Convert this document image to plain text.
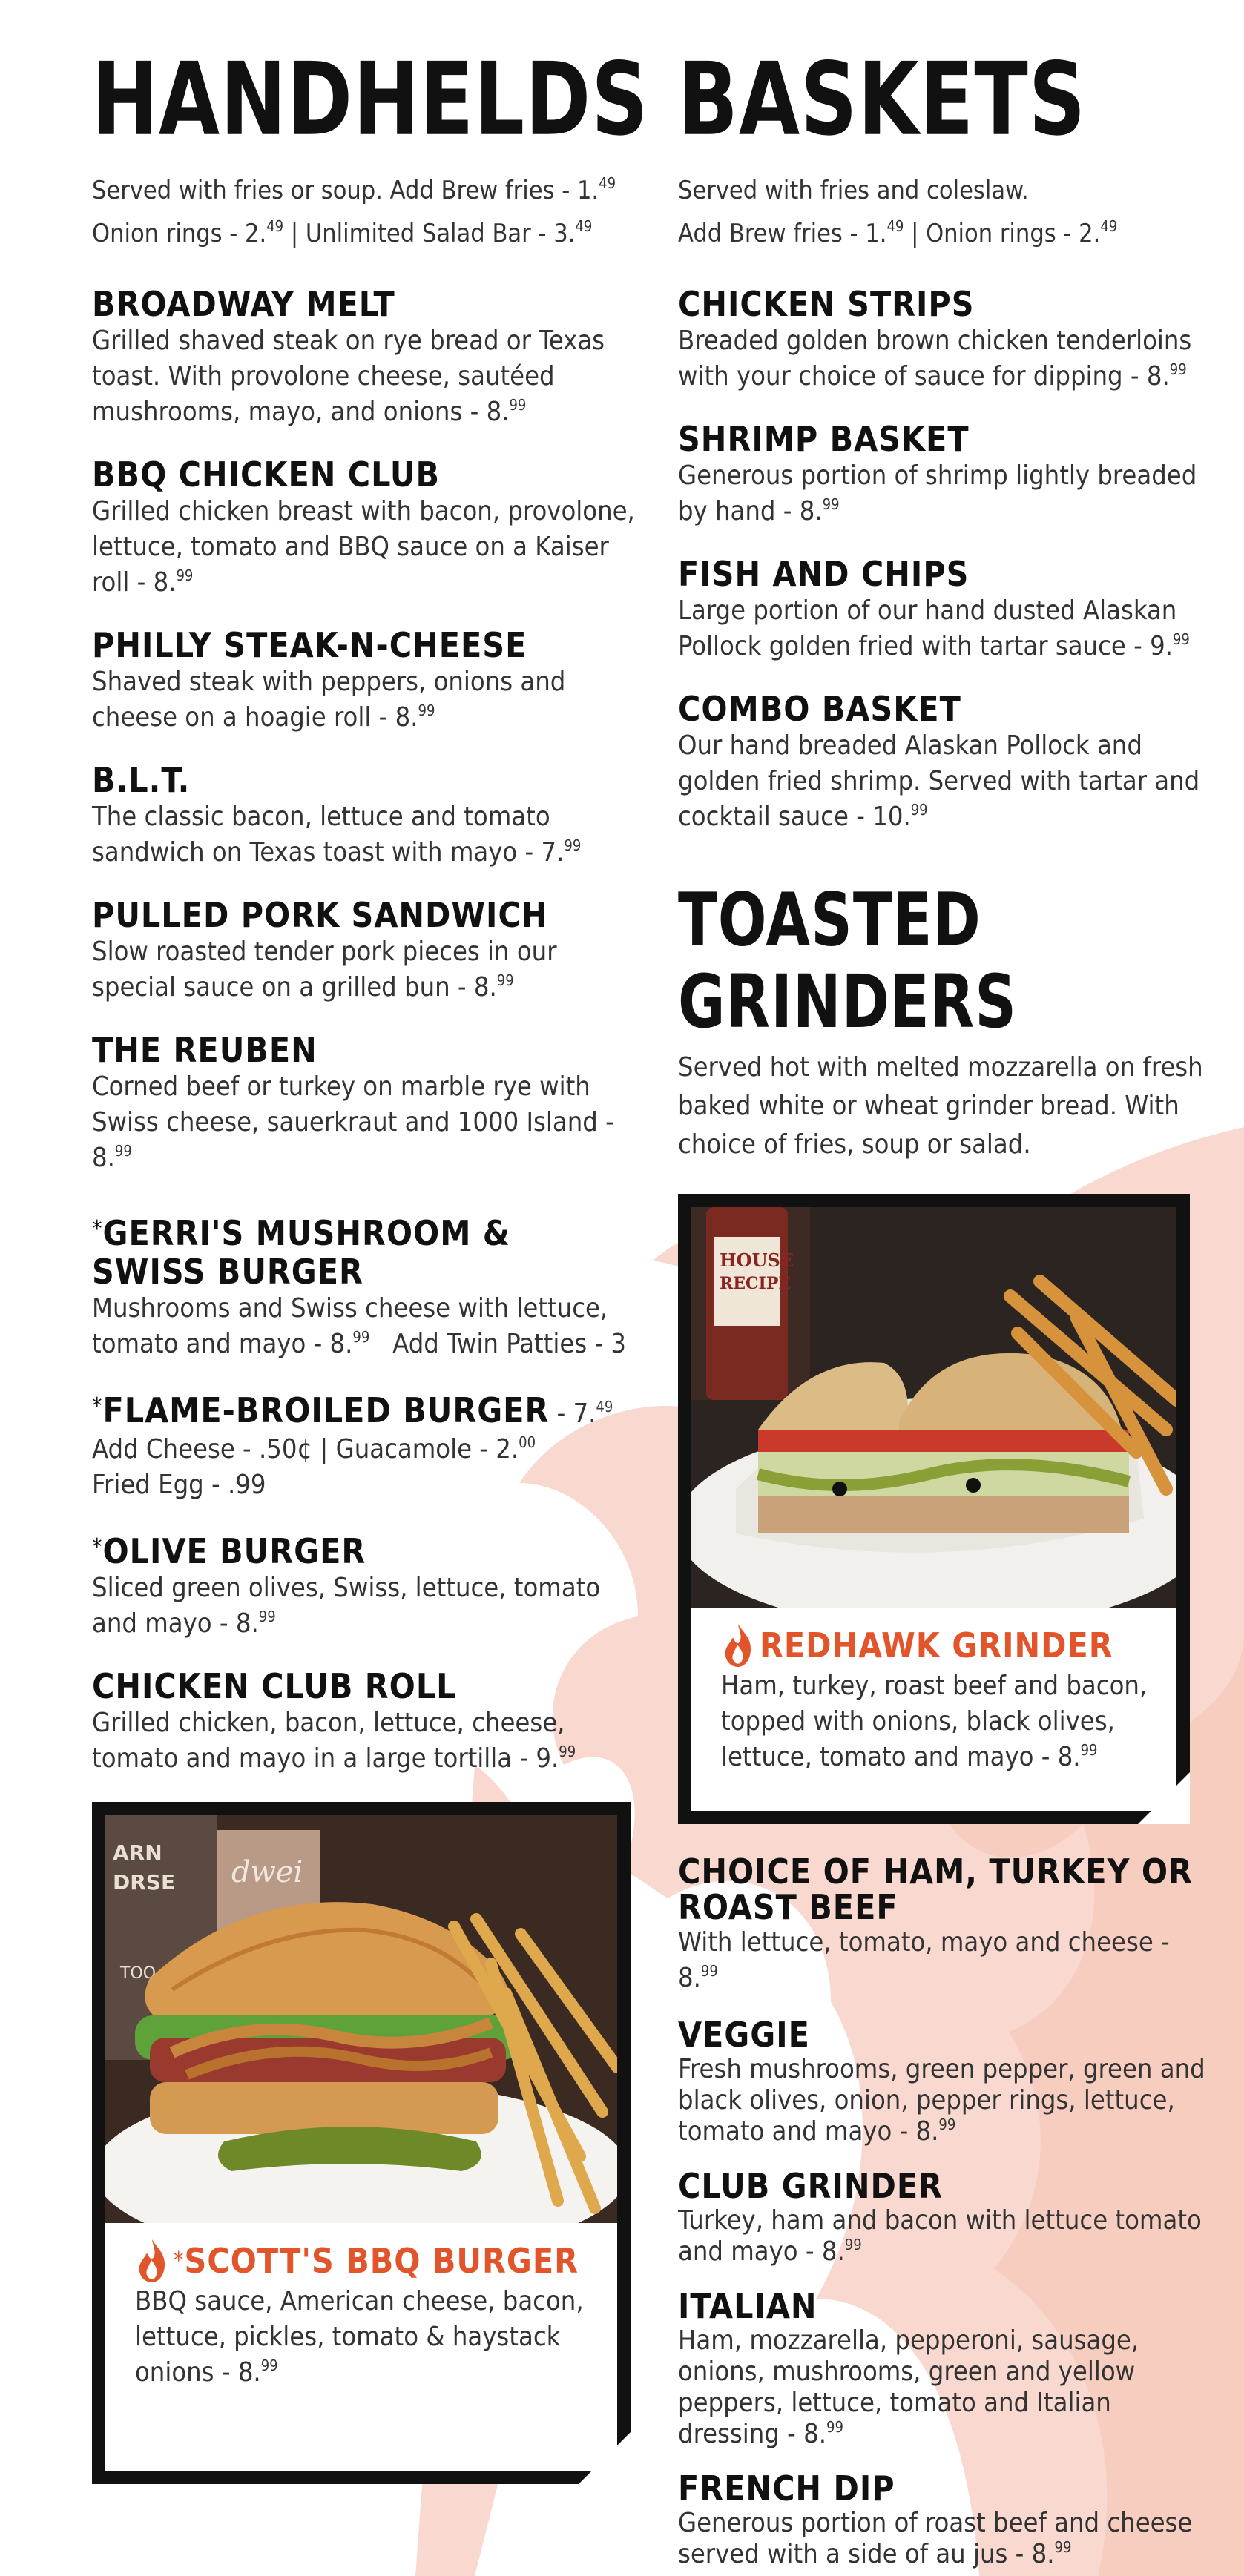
HANDHELDS
Served with fries or soup. Add Brew fries - 1.49
Onion rings - 2.49 | Unlimited Salad Bar - 3.49
BROADWAY MELT
Grilled shaved steak on rye bread or Texas toast. With provolone cheese, sautéed mushrooms, mayo, and onions - 8.99
BBQ CHICKEN CLUB
Grilled chicken breast with bacon, provolone, lettuce, tomato and BBQ sauce on a Kaiser roll - 8.99
PHILLY STEAK-N-CHEESE
Shaved steak with peppers, onions and cheese on a hoagie roll - 8.99
B.L.T.
The classic bacon, lettuce and tomato sandwich on Texas toast with mayo - 7.99
PULLED PORK SANDWICH
Slow roasted tender pork pieces in our special sauce on a grilled bun - 8.99
THE REUBEN
Corned beef or turkey on marble rye with Swiss cheese, sauerkraut and 1000 Island - 8.99
*GERRI'S MUSHROOM &
SWISS BURGER
Mushrooms and Swiss cheese with lettuce, tomato and mayo - 8.99 Add Twin Patties - 3
*FLAME-BROILED BURGER - 7.49
Add Cheese - .50¢ | Guacamole - 2.00
Fried Egg - .99
*OLIVE BURGER
Sliced green olives, Swiss, lettuce, tomato and mayo - 8.99
CHICKEN CLUB ROLL
Grilled chicken, bacon, lettuce, cheese, tomato and mayo in a large tortilla - 9.99
ARN
DRSE dwei
TOO
* SCOTT'S BBQ BURGER
BBQ sauce, American cheese, bacon, lettuce, pickles, tomato & haystack onions - 8.99
BASKETS
Served with fries and coleslaw.
Add Brew fries - 1.49 | Onion rings - 2.49
CHICKEN STRIPS
Breaded golden brown chicken tenderloins with your choice of sauce for dipping - 8.99
SHRIMP BASKET
Generous portion of shrimp lightly breaded by hand - 8.99
FISH AND CHIPS
Large portion of our hand dusted Alaskan Pollock golden fried with tartar sauce - 9.99
COMBO BASKET
Our hand breaded Alaskan Pollock and golden fried shrimp. Served with tartar and cocktail sauce - 10.99
TOASTED GRINDERS
Served hot with melted mozzarella on fresh baked white or wheat grinder bread. With choice of fries, soup or salad.
HOUSE
RECIPE
REDHAWK GRINDER
Ham, turkey, roast beef and bacon, topped with onions, black olives, lettuce, tomato and mayo - 8.99
CHOICE OF HAM, TURKEY OR ROAST BEEF
With lettuce, tomato, mayo and cheese - 8.99
VEGGIE
Fresh mushrooms, green pepper, green and black olives, onion, pepper rings, lettuce, tomato and mayo - 8.99
CLUB GRINDER
Turkey, ham and bacon with lettuce tomato and mayo - 8.99
ITALIAN
Ham, mozzarella, pepperoni, sausage, onions, mushrooms, green and yellow peppers, lettuce, tomato and Italian dressing - 8.99
FRENCH DIP
Generous portion of roast beef and cheese served with a side of au jus - 8.99
